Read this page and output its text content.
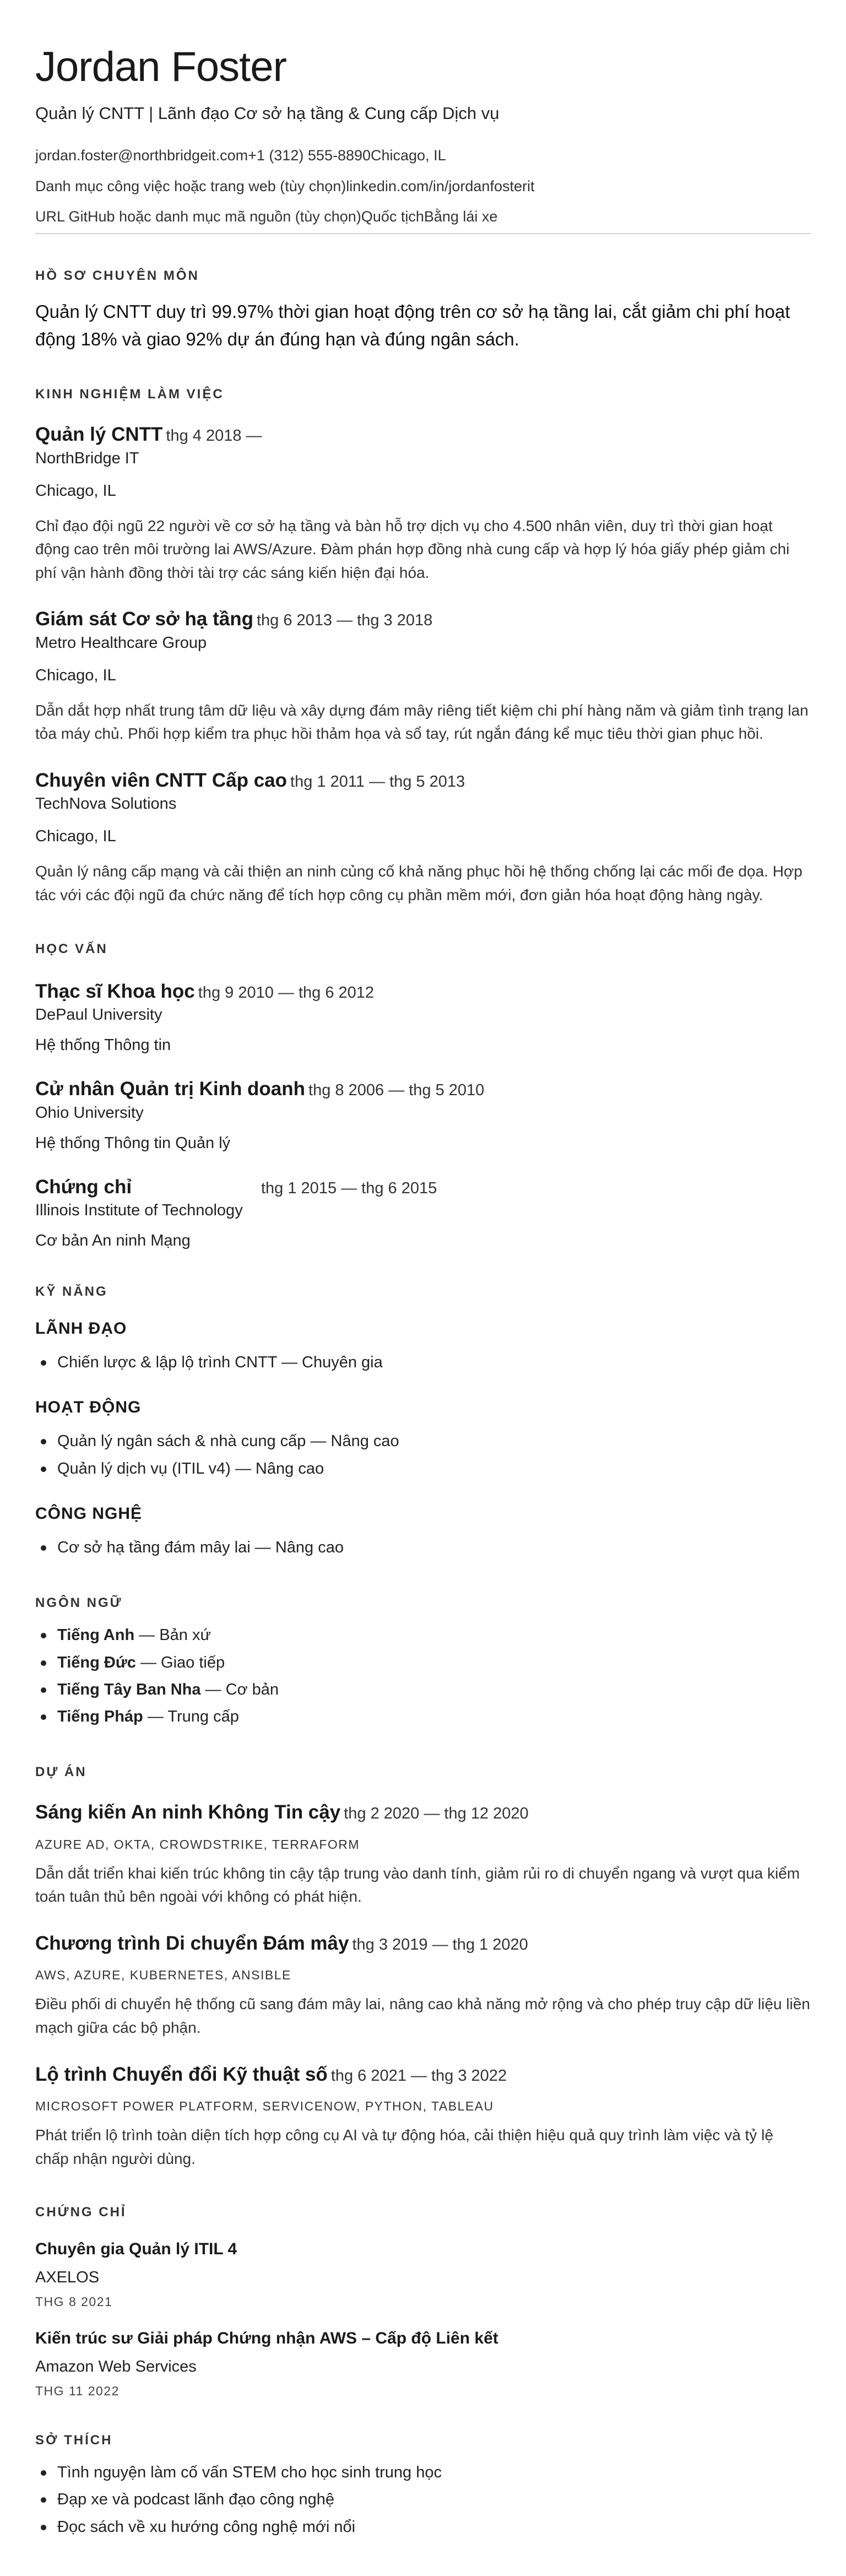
Jordan Foster
Quản lý CNTT | Lãnh đạo Cơ sở hạ tầng & Cung cấp Dịch vụ
jordan.foster@northbridgeit.com+1 (312) 555-8890Chicago, IL
Danh mục công việc hoặc trang web (tùy chọn)linkedin.com/in/jordanfosterit
URL GitHub hoặc danh mục mã nguồn (tùy chọn)Quốc tịchBằng lái xe
HỒ SƠ CHUYÊN MÔN

Quản lý CNTT duy trì 99.97% thời gian hoạt động trên cơ sở hạ tầng lai, cắt giảm chi phí hoạt động 18% và giao 92% dự án đúng hạn và đúng ngân sách.

KINH NGHIỆM LÀM VIỆC
Quản lý CNTT thg 4 2018 —
NorthBridge IT
Chicago, IL

Chỉ đạo đội ngũ 22 người về cơ sở hạ tầng và bàn hỗ trợ dịch vụ cho 4.500 nhân viên, duy trì thời gian hoạt động cao trên môi trường lai AWS/Azure. Đàm phán hợp đồng nhà cung cấp và hợp lý hóa giấy phép giảm chi phí vận hành đồng thời tài trợ các sáng kiến hiện đại hóa.

Giám sát Cơ sở hạ tầng thg 6 2013 — thg 3 2018
Metro Healthcare Group
Chicago, IL

Dẫn dắt hợp nhất trung tâm dữ liệu và xây dựng đám mây riêng tiết kiệm chi phí hàng năm và giảm tình trạng lan tỏa máy chủ. Phối hợp kiểm tra phục hồi thảm họa và sổ tay, rút ngắn đáng kể mục tiêu thời gian phục hồi.

Chuyên viên CNTT Cấp cao thg 1 2011 — thg 5 2013
TechNova Solutions
Chicago, IL

Quản lý nâng cấp mạng và cải thiện an ninh củng cố khả năng phục hồi hệ thống chống lại các mối đe dọa. Hợp tác với các đội ngũ đa chức năng để tích hợp công cụ phần mềm mới, đơn giản hóa hoạt động hàng ngày.

HỌC VẤN
Thạc sĩ Khoa học thg 9 2010 — thg 6 2012
DePaul University
Hệ thống Thông tin
Cử nhân Quản trị Kinh doanh thg 8 2006 — thg 5 2010
Ohio University
Hệ thống Thông tin Quản lý
Chứng chỉ	thg 1 2015 — thg 6 2015
Illinois Institute of Technology
Cơ bản An ninh Mạng
KỸ NĂNG
LÃNH ĐẠO
Chiến lược & lập lộ trình CNTT — Chuyên gia
HOẠT ĐỘNG
Quản lý ngân sách & nhà cung cấp — Nâng cao
Quản lý dịch vụ (ITIL v4) — Nâng cao
CÔNG NGHỆ
Cơ sở hạ tầng đám mây lai — Nâng cao
NGÔN NGỮ
Tiếng Anh — Bản xứ
Tiếng Đức — Giao tiếp
Tiếng Tây Ban Nha — Cơ bản
Tiếng Pháp — Trung cấp
DỰ ÁN
Sáng kiến An ninh Không Tin cậy thg 2 2020 — thg 12 2020
AZURE AD, OKTA, CROWDSTRIKE, TERRAFORM

Dẫn dắt triển khai kiến trúc không tin cậy tập trung vào danh tính, giảm rủi ro di chuyển ngang và vượt qua kiểm toán tuân thủ bên ngoài với không có phát hiện.

Chương trình Di chuyển Đám mây thg 3 2019 — thg 1 2020
AWS, AZURE, KUBERNETES, ANSIBLE

Điều phối di chuyển hệ thống cũ sang đám mây lai, nâng cao khả năng mở rộng và cho phép truy cập dữ liệu liền mạch giữa các bộ phận.

Lộ trình Chuyển đổi Kỹ thuật số thg 6 2021 — thg 3 2022
MICROSOFT POWER PLATFORM, SERVICENOW, PYTHON, TABLEAU

Phát triển lộ trình toàn diện tích hợp công cụ AI và tự động hóa, cải thiện hiệu quả quy trình làm việc và tỷ lệ chấp nhận người dùng.

CHỨNG CHỈ
Chuyên gia Quản lý ITIL 4
AXELOS
THG 8 2021
Kiến trúc sư Giải pháp Chứng nhận AWS – Cấp độ Liên kết
Amazon Web Services
THG 11 2022
SỞ THÍCH
Tình nguyện làm cố vấn STEM cho học sinh trung học
Đạp xe và podcast lãnh đạo công nghệ
Đọc sách về xu hướng công nghệ mới nổi
